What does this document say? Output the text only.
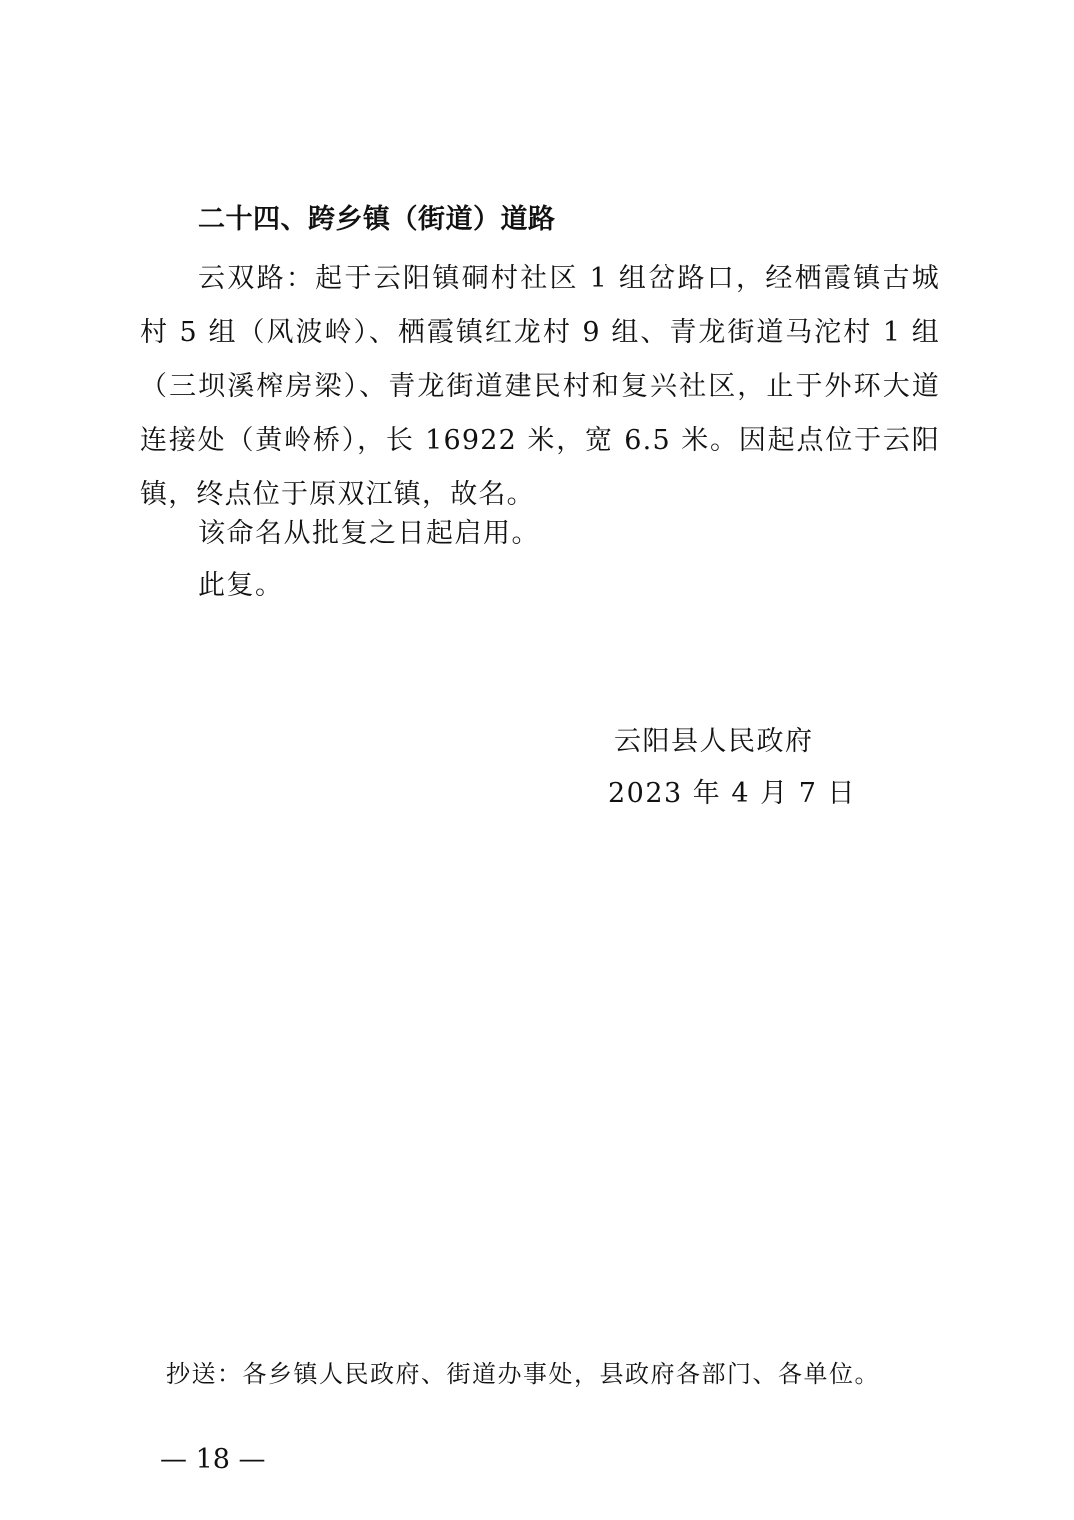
二十四、跨乡镇（街道）道路
云双路：起于云阳镇硐村社区 1 组岔路口，经栖霞镇古城村 5 组（风波岭）、栖霞镇红龙村 9 组、青龙街道马沱村 1 组（三坝溪榨房梁）、青龙街道建民村和复兴社区，止于外环大道连接处（黄岭桥），长 16922 米，宽 6.5 米。因起点位于云阳镇，终点位于原双江镇，故名。
该命名从批复之日起启用。
此复。
云阳县人民政府
2023 年 4 月 7 日
抄送：各乡镇人民政府、街道办事处，县政府各部门、各单位。
— 18 —
